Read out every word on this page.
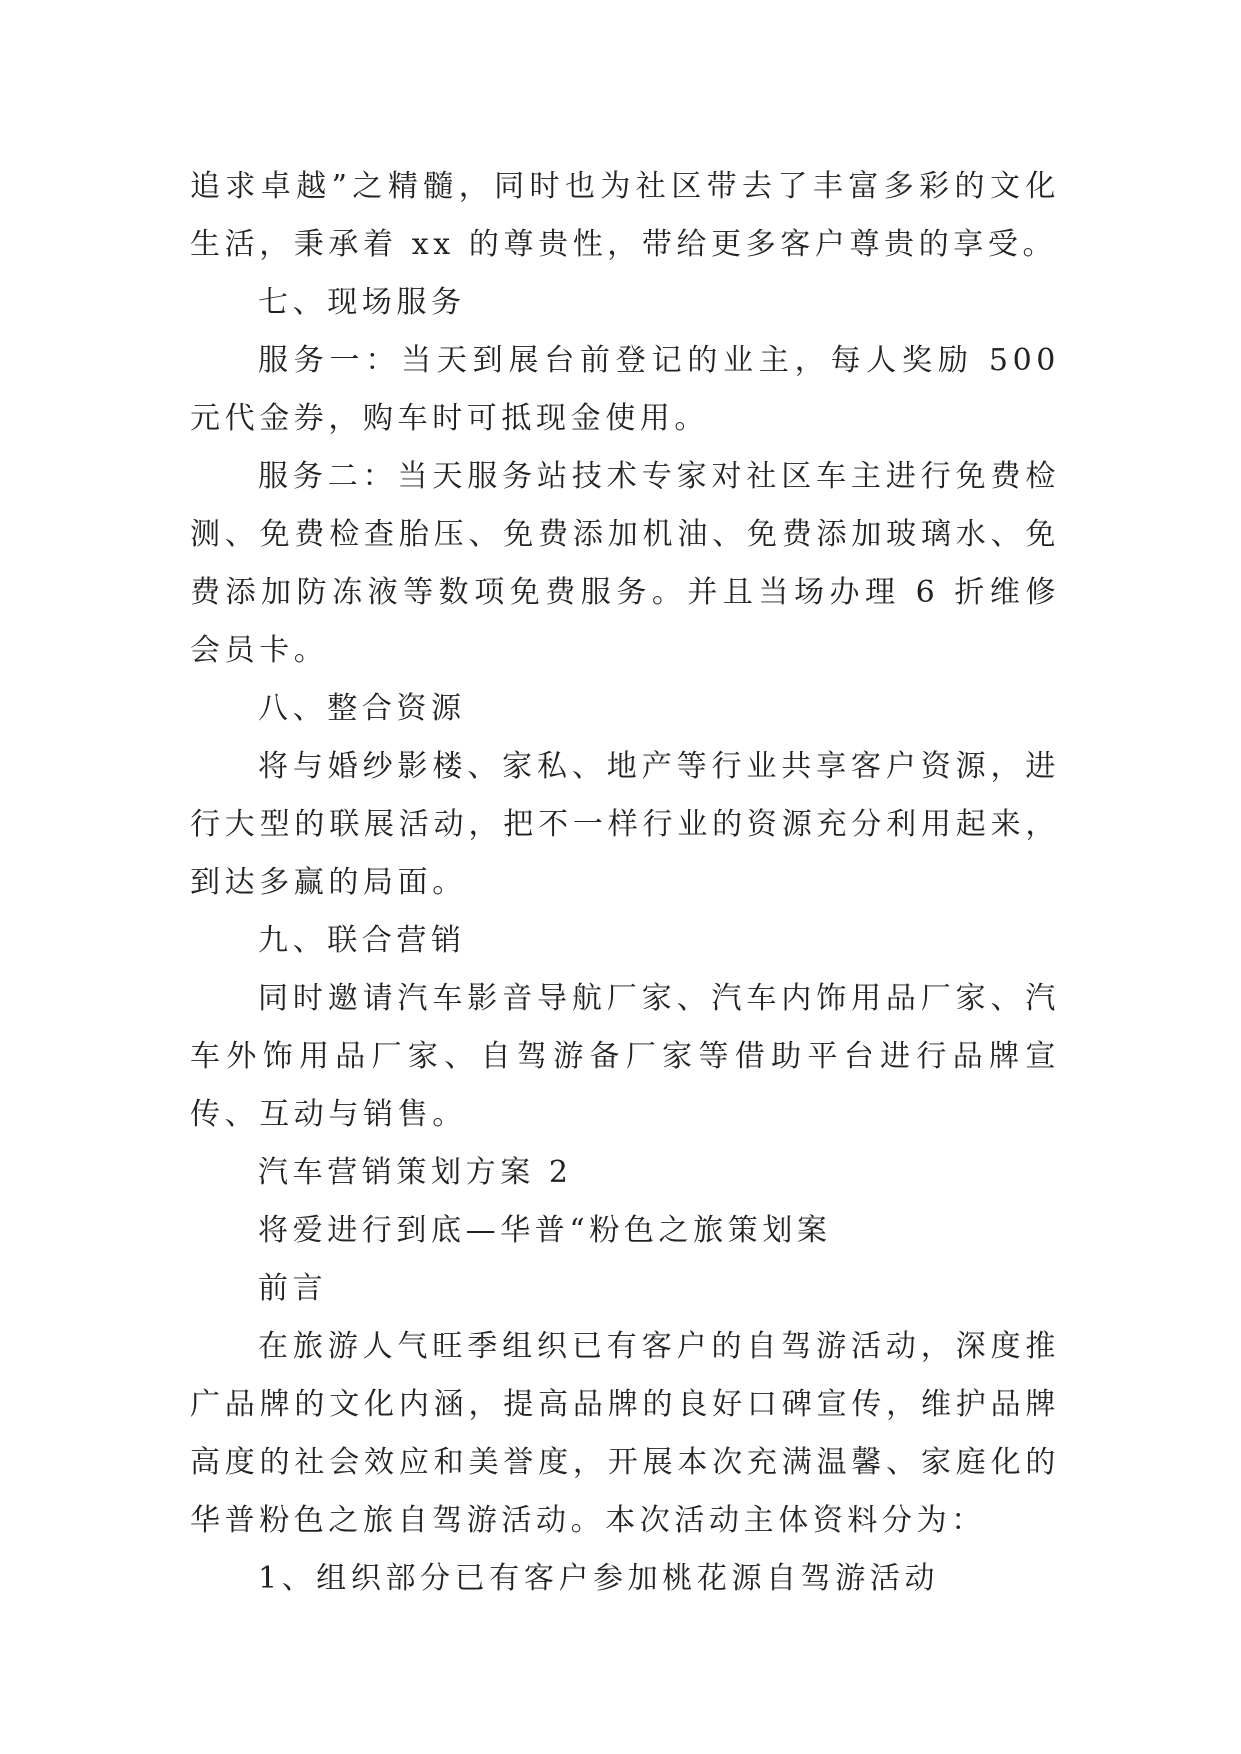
追求卓越”之精髓，同时也为社区带去了丰富多彩的文化生活，秉承着 xx 的尊贵性，带给更多客户尊贵的享受。

七、现场服务

服务一：当天到展台前登记的业主，每人奖励 500 元代金券，购车时可抵现金使用。

服务二：当天服务站技术专家对社区车主进行免费检测、免费检查胎压、免费添加机油、免费添加玻璃水、免费添加防冻液等数项免费服务。并且当场办理 6 折维修会员卡。

八、整合资源

将与婚纱影楼、家私、地产等行业共享客户资源，进行大型的联展活动，把不一样行业的资源充分利用起来，到达多赢的局面。

九、联合营销

同时邀请汽车影音导航厂家、汽车内饰用品厂家、汽车外饰用品厂家、自驾游备厂家等借助平台进行品牌宣传、互动与销售。

汽车营销策划方案 2

将爱进行到底—华普“粉色之旅策划案

前言

在旅游人气旺季组织已有客户的自驾游活动，深度推广品牌的文化内涵，提高品牌的良好口碑宣传，维护品牌高度的社会效应和美誉度，开展本次充满温馨、家庭化的华普粉色之旅自驾游活动。本次活动主体资料分为：

1、组织部分已有客户参加桃花源自驾游活动
